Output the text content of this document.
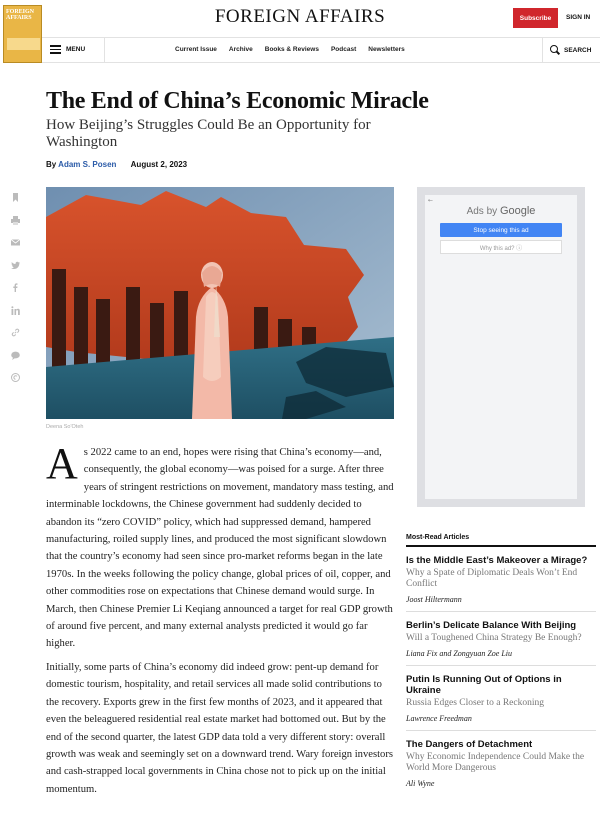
FOREIGN AFFAIRS	FOREIGN AFFAIRS	Subscribe	SIGN IN
MENU	Current Issue Archive Books & Reviews Podcast Newsletters	SEARCH
The End of China’s Economic Miracle
How Beijing’s Struggles Could Be an Opportunity for Washington
By Adam S. Posen August 2, 2023
Deena So'Oteh

As 2022 came to an end, hopes were rising that China’s economy—and, consequently, the global economy—was poised for a surge. After three years of stringent restrictions on movement, mandatory mass testing, and interminable lockdowns, the Chinese government had suddenly decided to abandon its “zero COVID” policy, which had suppressed demand, hampered manufacturing, roiled supply lines, and produced the most significant slowdown that the country’s economy had seen since pro-market reforms began in the late 1970s. In the weeks following the policy change, global prices of oil, copper, and other commodities rose on expectations that Chinese demand would surge. In March, then Chinese Premier Li Keqiang announced a target for real GDP growth of around five percent, and many external analysts predicted it would go far higher.

Initially, some parts of China’s economy did indeed grow: pent-up demand for domestic tourism, hospitality, and retail services all made solid contributions to the recovery. Exports grew in the first few months of 2023, and it appeared that even the beleaguered residential real estate market had bottomed out. But by the end of the second quarter, the latest GDP data told a very different story: overall growth was weak and seemingly set on a downward trend. Wary foreign investors and cash-strapped local governments in China chose not to pick up on the initial momentum.

←
Ads by Google
Stop seeing this ad
Why this ad? ⓘ
Most-Read Articles
Is the Middle East’s Makeover a Mirage?
Why a Spate of Diplomatic Deals Won’t End Conflict
Joost Hiltermann
Berlin’s Delicate Balance With Beijing
Will a Toughened China Strategy Be Enough?
Liana Fix and Zongyuan Zoe Liu
Putin Is Running Out of Options in Ukraine
Russia Edges Closer to a Reckoning
Lawrence Freedman
The Dangers of Detachment
Why Economic Independence Could Make the World More Dangerous
Ali Wyne
